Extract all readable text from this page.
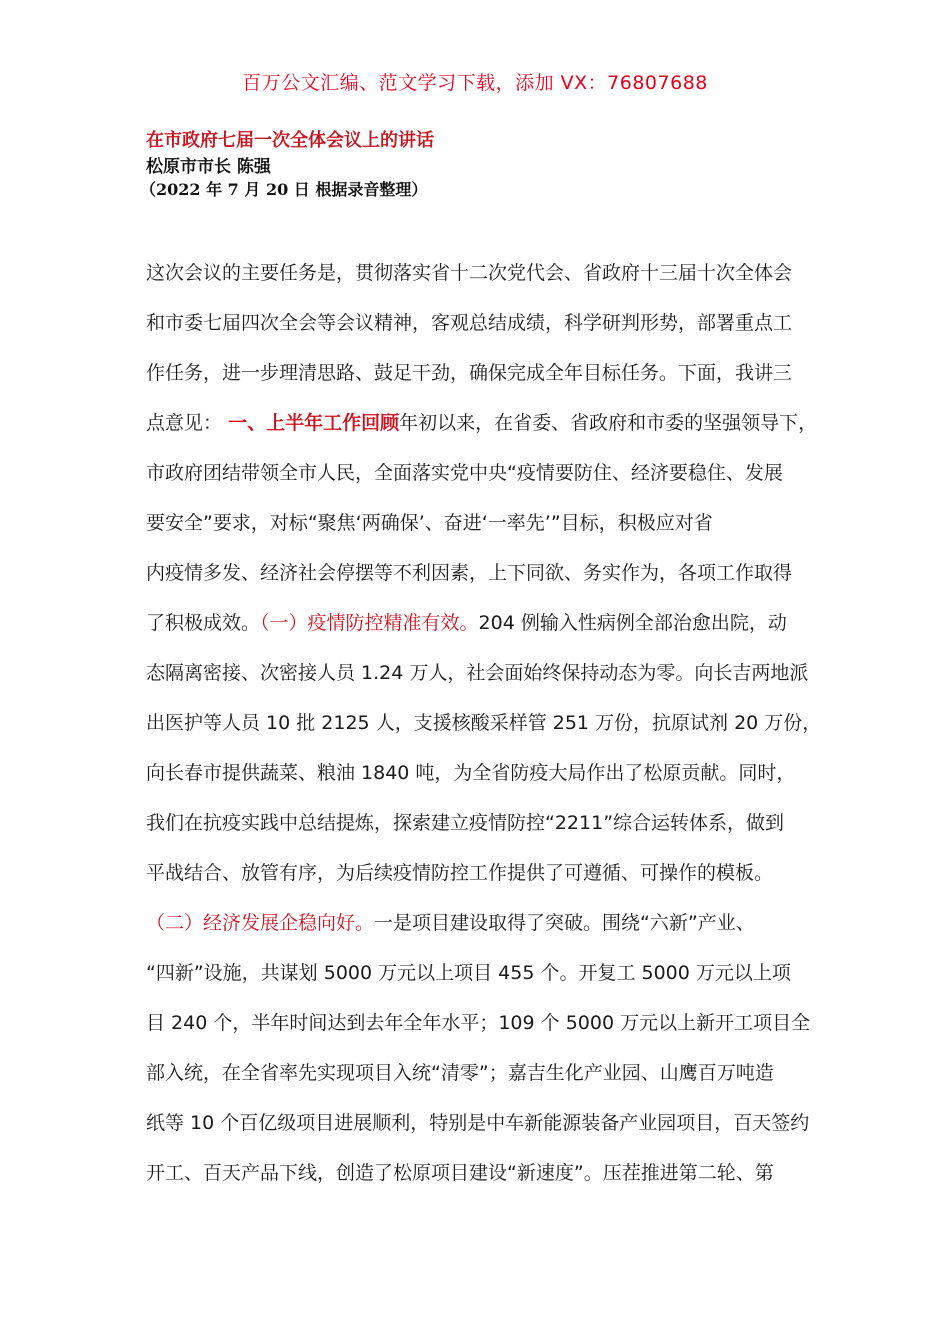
百万公文汇编、范文学习下载，添加 VX：76807688
在市政府七届一次全体会议上的讲话
松原市市长 陈强
（2022 年 7 月 20 日 根据录音整理）
这次会议的主要任务是，贯彻落实省十二次党代会、省政府十三届十次全体会
和市委七届四次全会等会议精神，客观总结成绩，科学研判形势，部署重点工
作任务，进一步理清思路、鼓足干劲，确保完成全年目标任务。下面，我讲三
点意见： 一、上半年工作回顾年初以来，在省委、省政府和市委的坚强领导下，
市政府团结带领全市人民，全面落实党中央“疫情要防住、经济要稳住、发展
要安全”要求，对标“聚焦‘两确保’、奋进‘一率先’”目标，积极应对省
内疫情多发、经济社会停摆等不利因素，上下同欲、务实作为，各项工作取得
了积极成效。（一）疫情防控精准有效。204 例输入性病例全部治愈出院，动
态隔离密接、次密接人员 1.24 万人，社会面始终保持动态为零。向长吉两地派
出医护等人员 10 批 2125 人，支援核酸采样管 251 万份，抗原试剂 20 万份，
向长春市提供蔬菜、粮油 1840 吨，为全省防疫大局作出了松原贡献。同时，
我们在抗疫实践中总结提炼，探索建立疫情防控“2211”综合运转体系，做到
平战结合、放管有序，为后续疫情防控工作提供了可遵循、可操作的模板。
（二）经济发展企稳向好。一是项目建设取得了突破。围绕“六新”产业、
“四新”设施，共谋划 5000 万元以上项目 455 个。开复工 5000 万元以上项
目 240 个，半年时间达到去年全年水平；109 个 5000 万元以上新开工项目全
部入统，在全省率先实现项目入统“清零”；嘉吉生化产业园、山鹰百万吨造
纸等 10 个百亿级项目进展顺利，特别是中车新能源装备产业园项目，百天签约
开工、百天产品下线，创造了松原项目建设“新速度”。压茬推进第二轮、第
